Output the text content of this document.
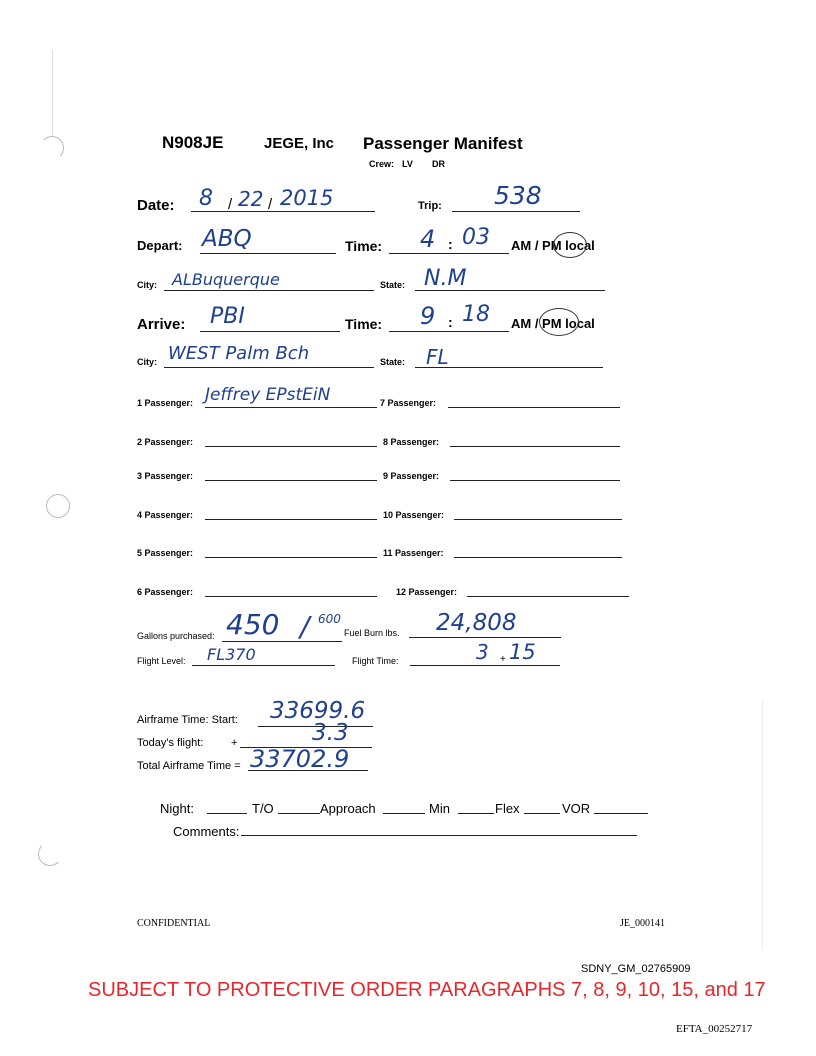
N908JE	JEGE, Inc Passenger Manifest
Crew: LV DR
Date: 8 / 22 / 2015	Trip: 538
Depart: ABQ	Time: 4 : 03 AM / PM local
City: ALBuquerque	State: N.M
Arrive: PBI	Time: 9 : 18 AM / PM local
City: WEST Palm Bch	State: FL
1 Passenger: Jeffrey EPstEiN
2 Passenger:
3 Passenger:
4 Passenger:
5 Passenger:
6 Passenger:
7 Passenger:
8 Passenger:
9 Passenger:
10 Passenger:
11 Passenger:
12 Passenger:
Gallons purchased: 450 / 600
Fuel Burn lbs. 24,808
Flight Level: FL370	Flight Time:	3 + 15
Airframe Time: Start: 33699.6
Today's flight:	+	3.3
Total Airframe Time = 33702.9
Night:	T/O	Approach	Min	Flex	VOR
Comments:
CONFIDENTIAL	JE_000141
SDNY_GM_02765909
SUBJECT TO PROTECTIVE ORDER PARAGRAPHS 7, 8, 9, 10, 15, and 17
EFTA_00252717
